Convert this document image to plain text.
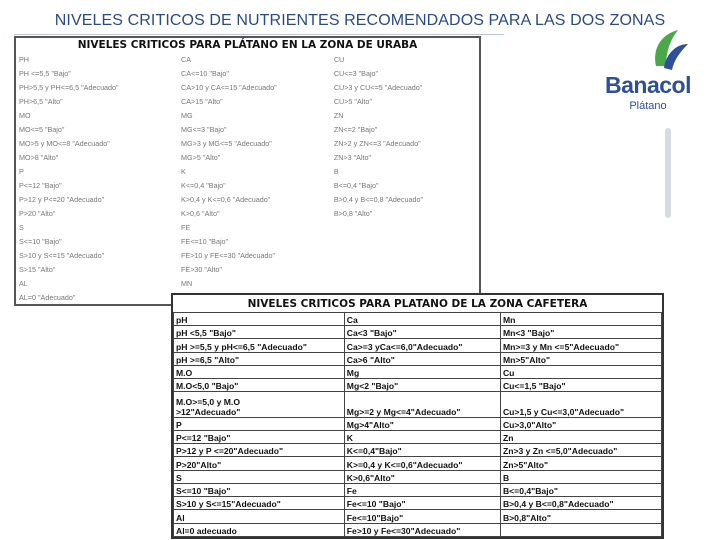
NIVELES CRITICOS DE NUTRIENTES RECOMENDADOS PARA LAS DOS ZONAS
NIVELES CRITICOS PARA PLÁTANO EN LA ZONA DE URABA		
PH	CA	CU
PH <=5,5 "Bajo"	CA<=10 "Bajo"	CU<=3 "Bajo"
PH>5,5 y PH<=6,5 "Adecuado"	CA>10 y CA<=15 "Adecuado"	CU>3 y CU<=5 "Adecuado"
PH>6,5 "Alto"	CA>15 "Alto"	CU>5 "Alto"
MO	MG	ZN
MO<=5 "Bajo"	MG<=3 "Bajo"	ZN<=2 "Bajo"
MO>5 y MO<=8 "Adecuado"	MG>3 y MG<=5 "Adecuado"	ZN>2 y ZN<=3 "Adecuado"
MO>8 "Alto"	MG>5 "Alto"	ZN>3 "Alto"
P	K	B
P<=12 "Bajo"	K<=0,4 "Bajo"	B<=0,4 "Bajo"
P>12 y P<=20 "Adecuado"	K>0,4 y K<=0,6 "Adecuado"	B>0,4 y B<=0,8 "Adecuado"
P>20 "Alto"	K>0,6 "Alto"	B>0,8 "Alto"
S	FE	
S<=10 "Bajo"	FE<=10 "Bajo"	
S>10 y S<=15 "Adecuado"	FE>10 y FE<=30 "Adecuado"	
S>15 "Alto"	FE>30 "Alto"	
AL	MN	
AL=0 "Adecuado"		
NIVELES CRITICOS PARA PLATANO DE LA ZONA CAFETERA		
pH	Ca	Mn
pH <5,5 "Bajo"	Ca<3 "Bajo"	Mn<3 "Bajo"
pH >=5,5 y pH<=6,5 "Adecuado"	Ca>=3 yCa<=6,0"Adecuado"	Mn>=3 y Mn <=5"Adecuado"
pH >=6,5 "Alto"	Ca>6 "Alto"	Mn>5"Alto"
M.O	Mg	Cu
M.O<5,0 "Bajo"	Mg<2 "Bajo"	Cu<=1,5 "Bajo"
M.O>=5,0 y M.O
>12"Adecuado"	Mg>=2 y Mg<=4"Adecuado"	Cu>1,5 y Cu<=3,0"Adecuado"
P	Mg>4"Alto"	Cu>3,0"Alto"
P<=12 "Bajo"	K	Zn
P>12 y P <=20"Adecuado"	K<=0,4"Bajo"	Zn>3 y Zn <=5,0"Adecuado"
P>20"Alto"	K>=0,4 y K<=0,6"Adecuado"	Zn>5"Alto"
S	K>0,6"Alto"	B
S<=10 "Bajo"	Fe	B<=0,4"Bajo"
S>10 y S<=15"Adecuado"	Fe<=10 "Bajo"	B>0,4 y B<=0,8"Adecuado"
Al	Fe<=10"Bajo"	B>0,8"Alto"
Al=0 adecuado	Fe>10 y Fe<=30"Adecuado"	
Banacol
Plátano
